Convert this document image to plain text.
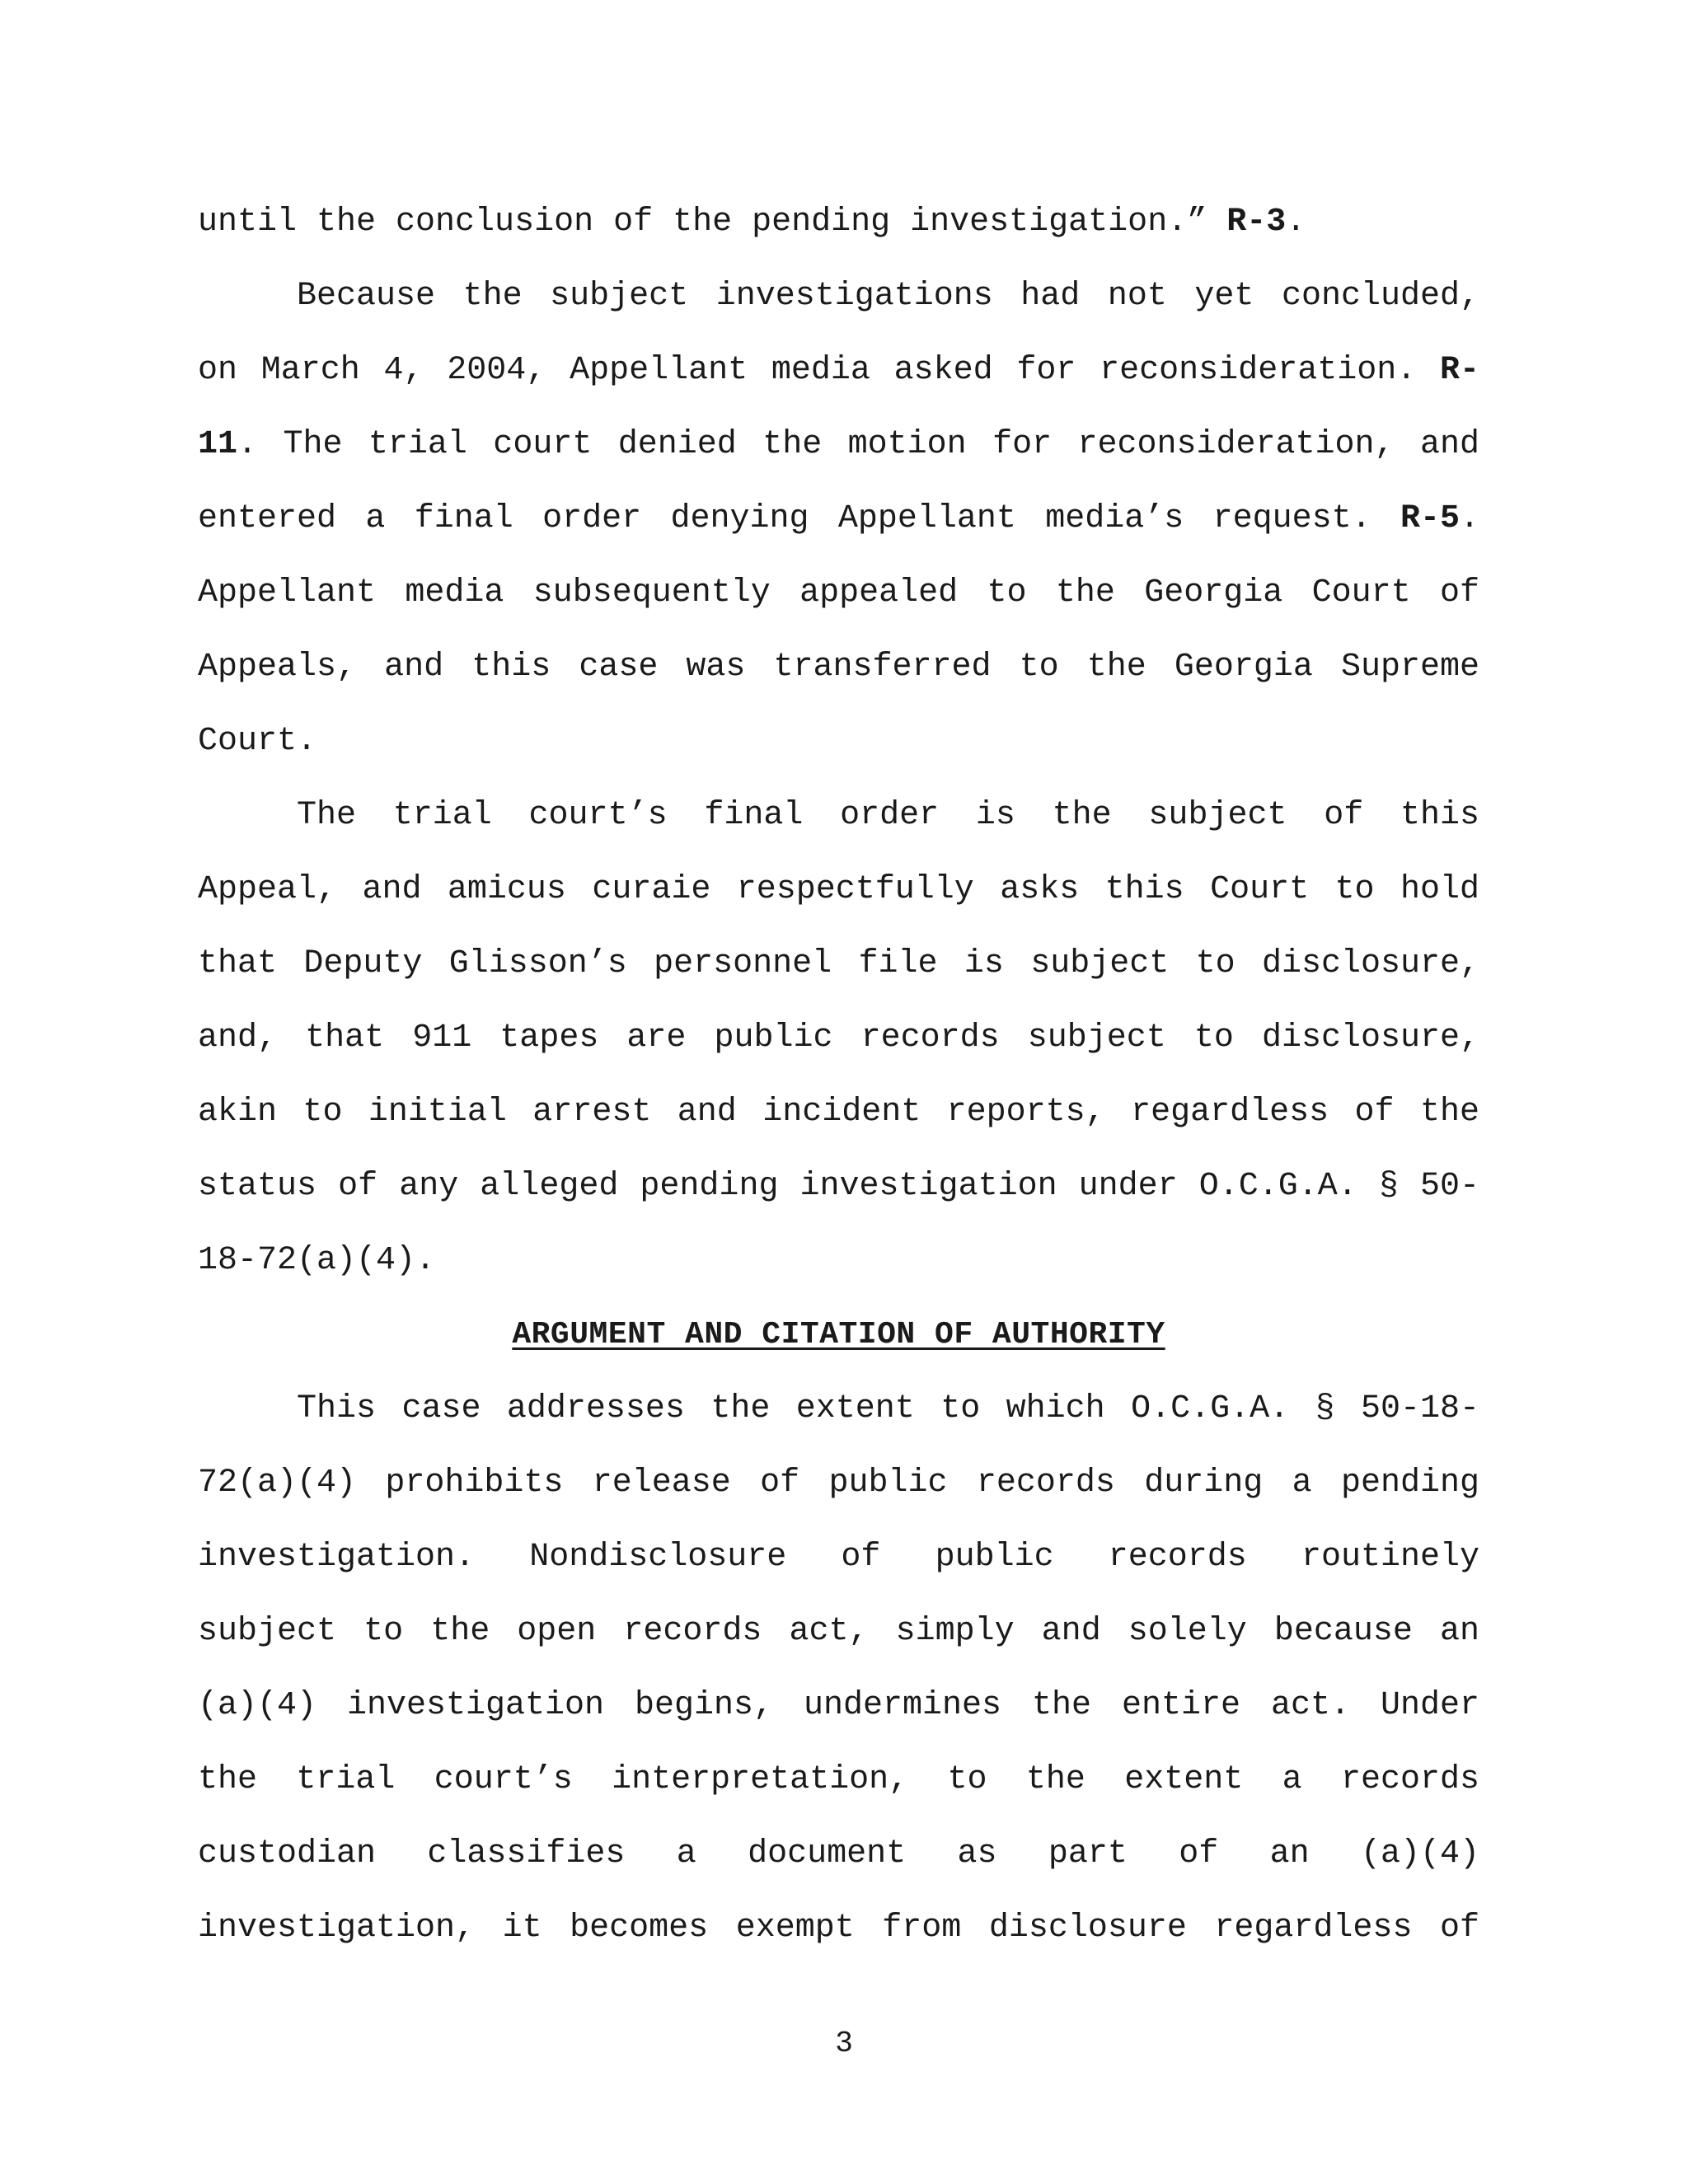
until the conclusion of the pending investigation.” R-3.
Because the subject investigations had not yet concluded,
on March 4, 2004, Appellant media asked for reconsideration. R-
11. The trial court denied the motion for reconsideration, and
entered a final order denying Appellant media’s request. R-5.
Appellant media subsequently appealed to the Georgia Court of
Appeals, and this case was transferred to the Georgia Supreme
Court.
The trial court’s final order is the subject of this
Appeal, and amicus curaie respectfully asks this Court to hold
that Deputy Glisson’s personnel file is subject to disclosure,
and, that 911 tapes are public records subject to disclosure,
akin to initial arrest and incident reports, regardless of the
status of any alleged pending investigation under O.C.G.A. § 50-
18-72(a)(4).
ARGUMENT AND CITATION OF AUTHORITY
This case addresses the extent to which O.C.G.A. § 50-18-
72(a)(4) prohibits release of public records during a pending
investigation. Nondisclosure of public records routinely
subject to the open records act, simply and solely because an
(a)(4) investigation begins, undermines the entire act. Under
the trial court’s interpretation, to the extent a records
custodian classifies a document as part of an (a)(4)
investigation, it becomes exempt from disclosure regardless of
3
